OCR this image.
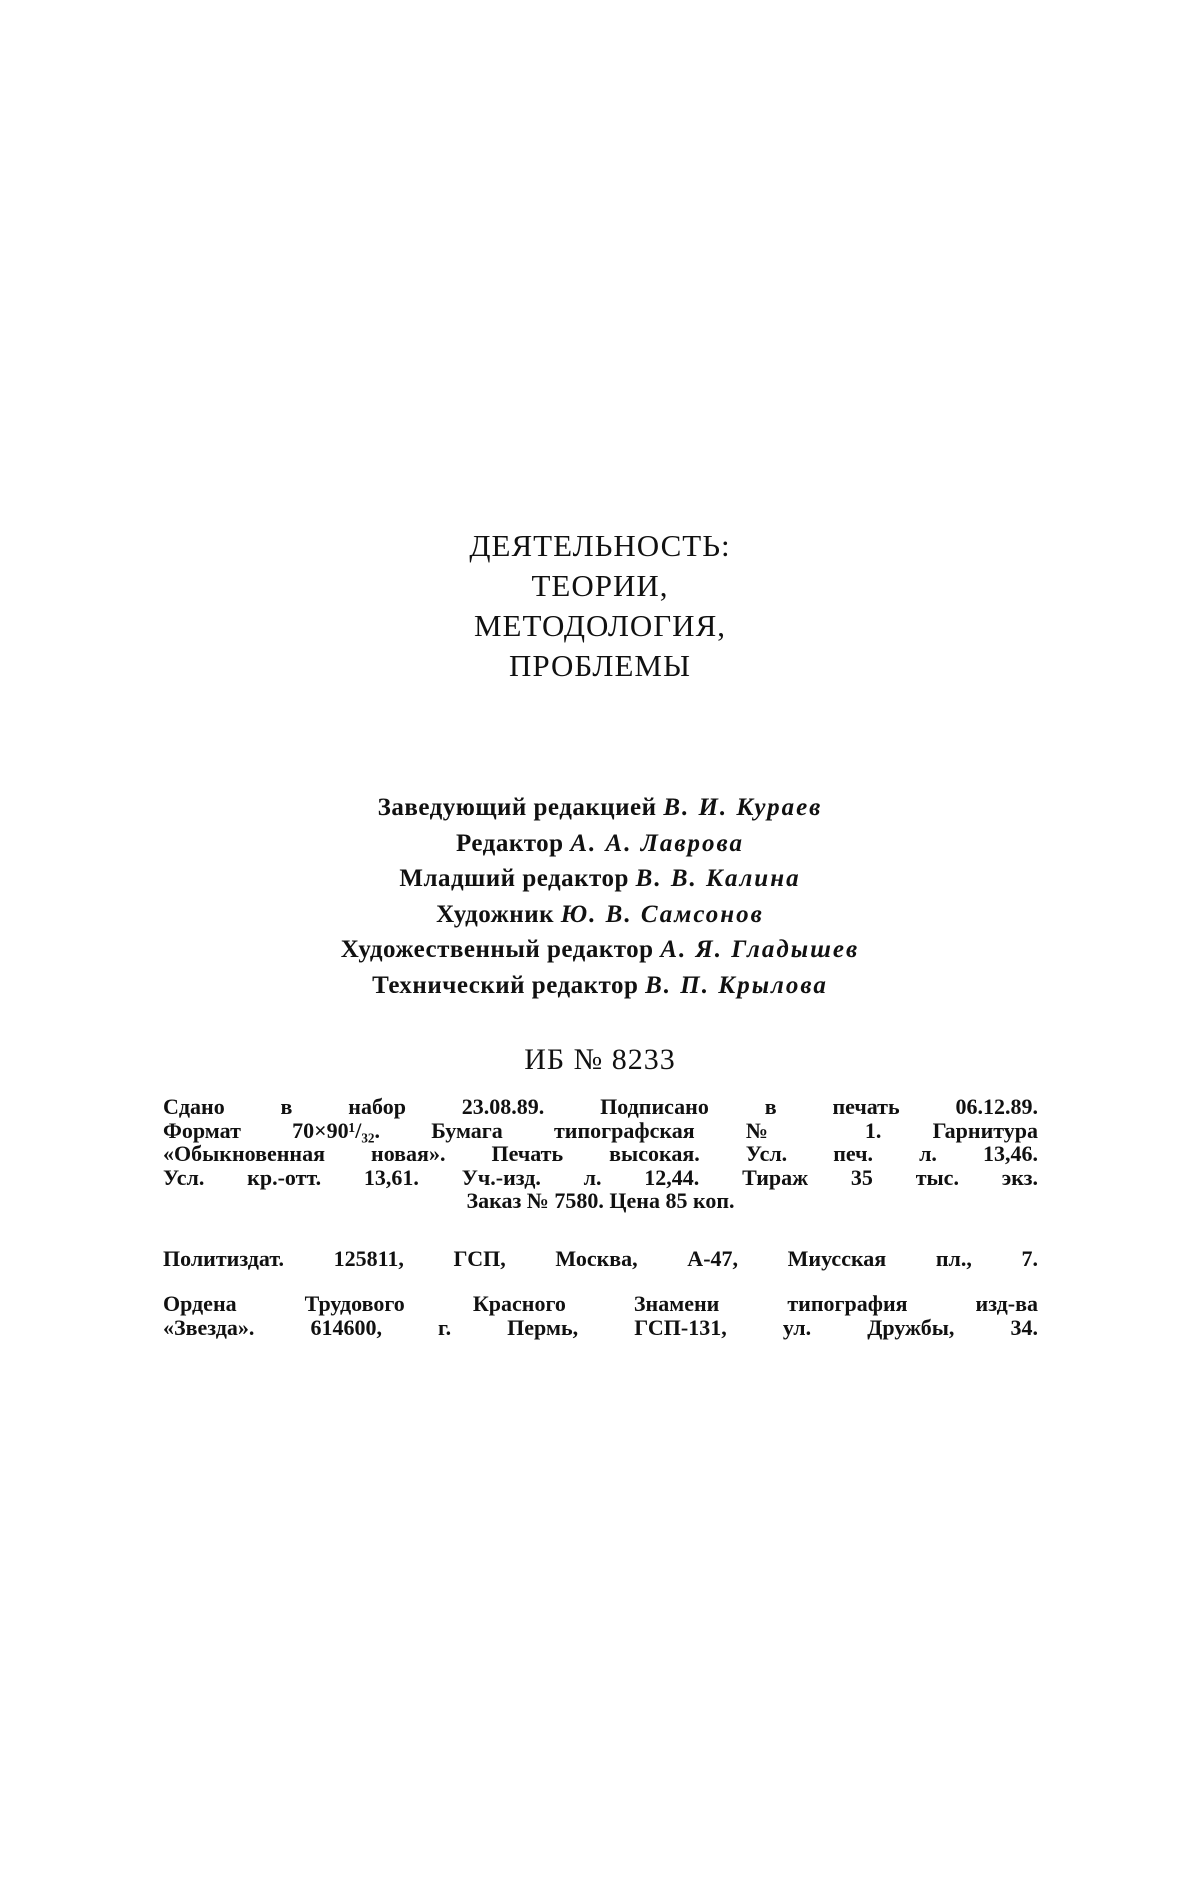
ДЕЯТЕЛЬНОСТЬ:
ТЕОРИИ,
МЕТОДОЛОГИЯ,
ПРОБЛЕМЫ
Заведующий редакцией В. И. Кураев
Редактор А. А. Лаврова
Младший редактор В. В. Калина
Художник Ю. В. Самсонов
Художественный редактор А. Я. Гладышев
Технический редактор В. П. Крылова
ИБ № 8233
Сдано в набор 23.08.89. Подписано в печать 06.12.89.
Формат 70×90¹/₃₂. Бумага типографская № 1. Гарнитура
«Обыкновенная новая». Печать высокая. Усл. печ. л. 13,46.
Усл. кр.-отт. 13,61. Уч.-изд. л. 12,44. Тираж 35 тыс. экз.
Заказ № 7580. Цена 85 коп.
Политиздат. 125811, ГСП, Москва, А-47, Миусская пл., 7.
Ордена Трудового Красного Знамени типография изд-ва
«Звезда». 614600, г. Пермь, ГСП-131, ул. Дружбы, 34.
